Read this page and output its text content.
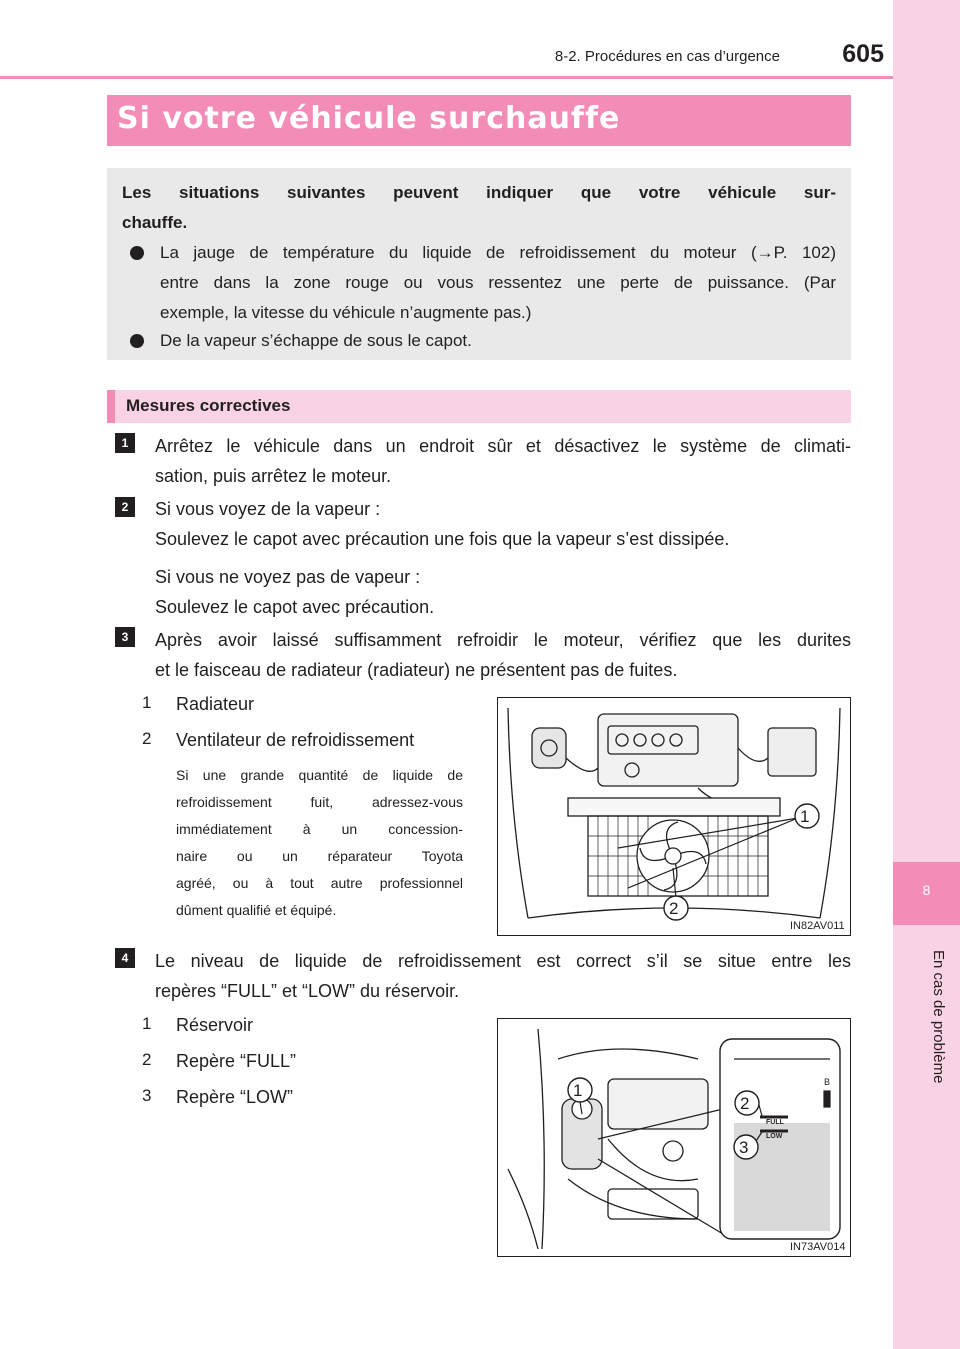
8-2. Procédures en cas d’urgence	605
8
En cas de problème
Si votre véhicule surchauffe
Les situations suivantes peuvent indiquer que votre véhicule sur-
chauffe.
La jauge de température du liquide de refroidissement du moteur (→P. 102)
entre dans la zone rouge ou vous ressentez une perte de puissance. (Par
exemple, la vitesse du véhicule n’augmente pas.)
De la vapeur s’échappe de sous le capot.
Mesures correctives
1	Arrêtez le véhicule dans un endroit sûr et désactivez le système de climati-
sation, puis arrêtez le moteur.
2	Si vous voyez de la vapeur :
Soulevez le capot avec précaution une fois que la vapeur s’est dissipée.
Si vous ne voyez pas de vapeur :
Soulevez le capot avec précaution.
3	Après avoir laissé suffisamment refroidir le moteur, vérifiez que les durites
et le faisceau de radiateur (radiateur) ne présentent pas de fuites.
1 Radiateur
2 Ventilateur de refroidissement
Si une grande quantité de liquide de
refroidissement fuit, adressez-vous
immédiatement à un concession-
naire ou un réparateur Toyota
agréé, ou à tout autre professionnel
dûment qualifié et équipé.
1
2
IN82AV011
4	Le niveau de liquide de refroidissement est correct s’il se situe entre les
repères “FULL” et “LOW” du réservoir.
1 Réservoir
2 Repère “FULL”
3 Repère “LOW”	1
2
3
FULL
LOW
B
IN73AV014
